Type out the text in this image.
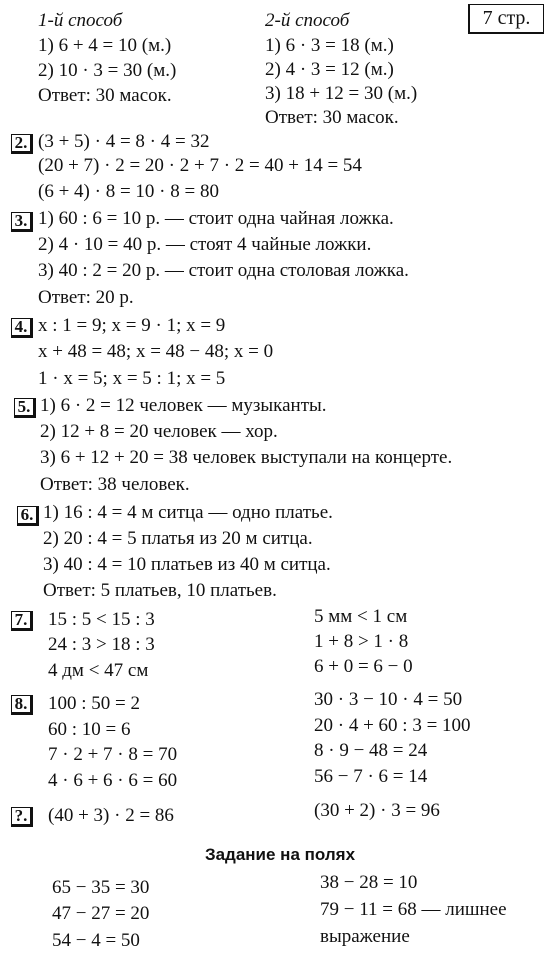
7 стр.
1-й способ
1) 6 + 4 = 10 (м.)
2) 10 · 3 = 30 (м.)
Ответ: 30 масок.
2-й способ
1) 6 · 3 = 18 (м.)
2) 4 · 3 = 12 (м.)
3) 18 + 12 = 30 (м.)
Ответ: 30 масок.
2. (3 + 5) · 4 = 8 · 4 = 32
(20 + 7) · 2 = 20 · 2 + 7 · 2 = 40 + 14 = 54
(6 + 4) · 8 = 10 · 8 = 80
3. 1) 60 : 6 = 10 р. — стоит одна чайная ложка.
2) 4 · 10 = 40 р. — стоят 4 чайные ложки.
3) 40 : 2 = 20 р. — стоит одна столовая ложка.
Ответ: 20 р.
4. x : 1 = 9; x = 9 · 1; x = 9
x + 48 = 48; x = 48 − 48; x = 0
1 · x = 5; x = 5 : 1; x = 5
5. 1) 6 · 2 = 12 человек — музыканты.
2) 12 + 8 = 20 человек — хор.
3) 6 + 12 + 20 = 38 человек выступали на концерте.
Ответ: 38 человек.
6. 1) 16 : 4 = 4 м ситца — одно платье.
2) 20 : 4 = 5 платья из 20 м ситца.
3) 40 : 4 = 10 платьев из 40 м ситца.
Ответ: 5 платьев, 10 платьев.
7. 15 : 5 < 15 : 3
24 : 3 > 18 : 3
4 дм < 47 см
5 мм < 1 см
1 + 8 > 1 · 8
6 + 0 = 6 − 0
8. 100 : 50 = 2
60 : 10 = 6
7 · 2 + 7 · 8 = 70
4 · 6 + 6 · 6 = 60
30 · 3 − 10 · 4 = 50
20 · 4 + 60 : 3 = 100
8 · 9 − 48 = 24
56 − 7 · 6 = 14
?. (40 + 3) · 2 = 86	(30 + 2) · 3 = 96
Задание на полях
65 − 35 = 30
47 − 27 = 20
54 − 4 = 50
38 − 28 = 10
79 − 11 = 68 — лишнее
выражение
